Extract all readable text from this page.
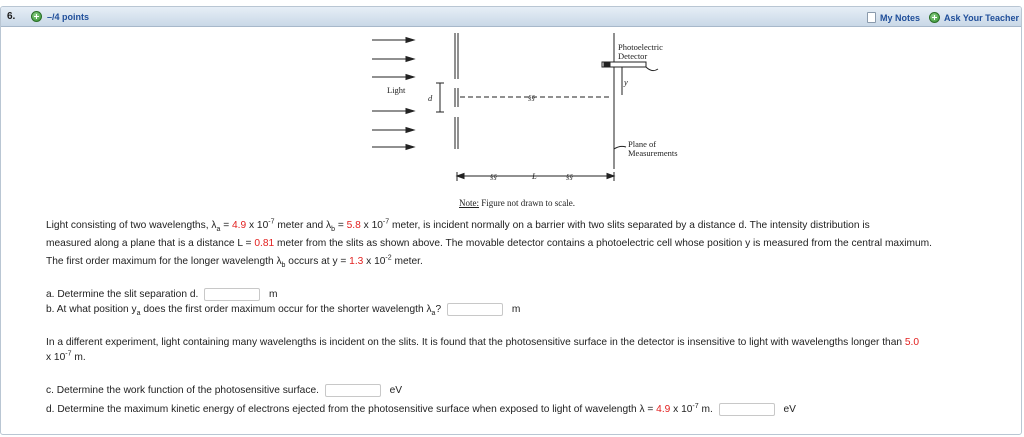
6.	–/4 points	My Notes	Ask Your Teacher
Photoelectric
Detector
Light
d
y
§§
Plane of
Measurements
L
§§	§§
Note: Figure not drawn to scale.
Light consisting of two wavelengths, $\lambda_a = 4.9$ x $10^{-7}$ meter and $\lambda_b = 5.8$ x $10^{-7}$ meter, is incident normally on a barrier with two slits separated by a distance d. The intensity distribution is
measured along a plane that is a distance L = 0.81 meter from the slits as shown above. The movable detector contains a photoelectric cell whose position y is measured from the central maximum.
The first order maximum for the longer wavelength $\lambda_b$ occurs at y = 1.3 x $10^{-2}$ meter.
a. Determine the slit separation d.	m
b. At what position $y_a$ does the first order maximum occur for the shorter wavelength $\lambda_a$?	m
In a different experiment, light containing many wavelengths is incident on the slits. It is found that the photosensitive surface in the detector is insensitive to light with wavelengths longer than 5.0
x $10^{-7}$ m.
c. Determine the work function of the photosensitive surface.	eV
d. Determine the maximum kinetic energy of electrons ejected from the photosensitive surface when exposed to light of wavelength λ = 4.9 x $10^{-7}$ m.	eV
